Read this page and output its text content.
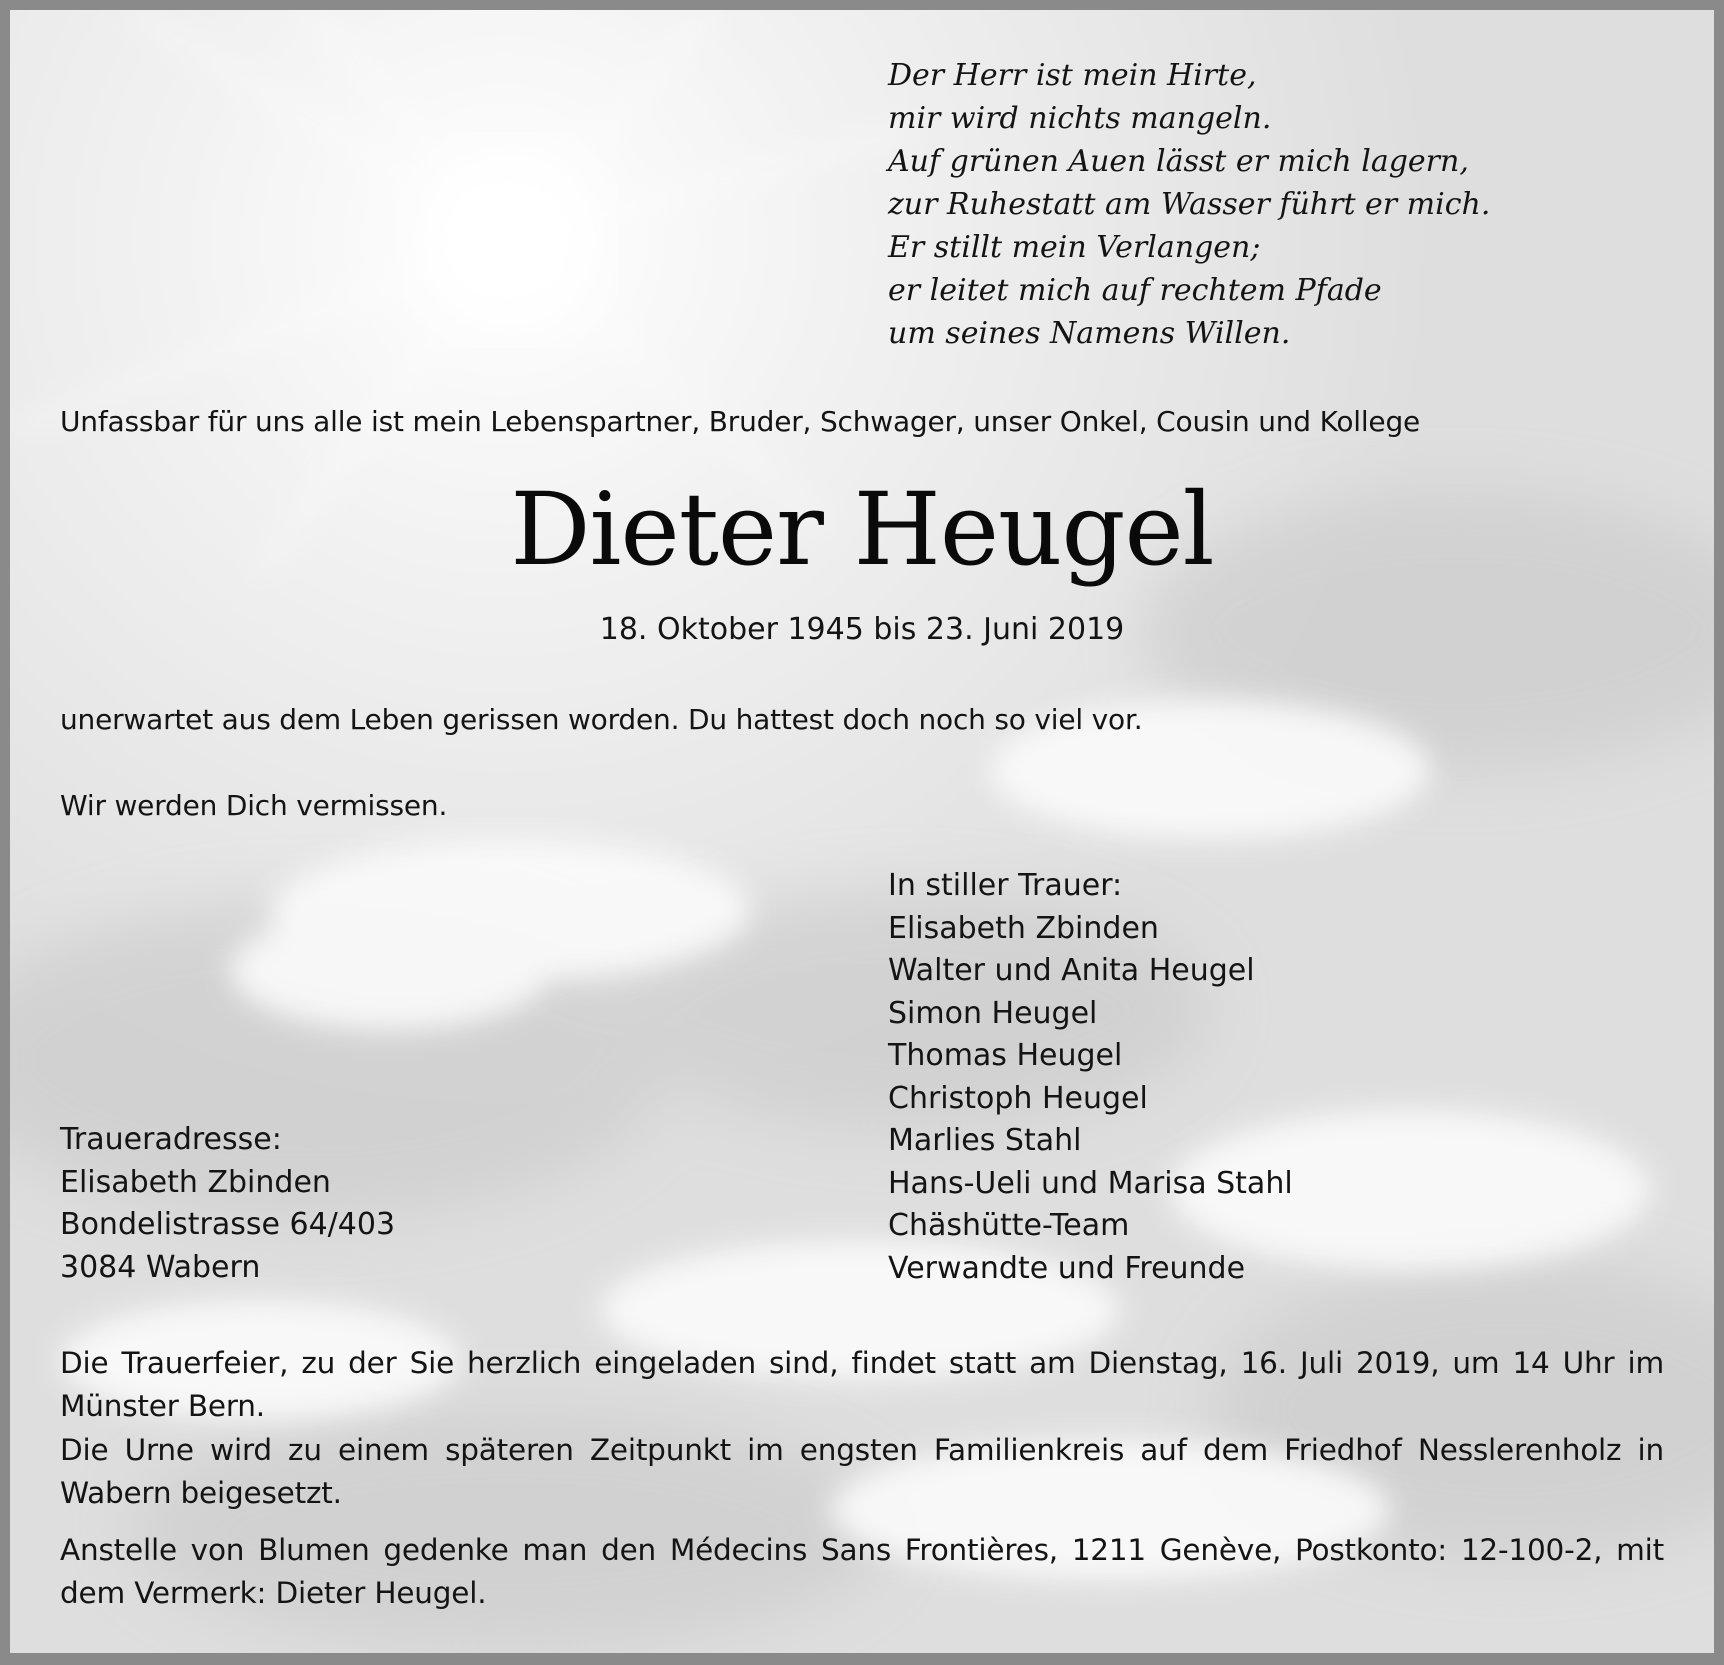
Der Herr ist mein Hirte,
mir wird nichts mangeln.
Auf grünen Auen lässt er mich lagern,
zur Ruhestatt am Wasser führt er mich.
Er stillt mein Verlangen;
er leitet mich auf rechtem Pfade
um seines Namens Willen.
Unfassbar für uns alle ist mein Lebenspartner, Bruder, Schwager, unser Onkel, Cousin und Kollege
Dieter Heugel
18. Oktober 1945 bis 23. Juni 2019
unerwartet aus dem Leben gerissen worden. Du hattest doch noch so viel vor.
Wir werden Dich vermissen.
In stiller Trauer:
Elisabeth Zbinden
Walter und Anita Heugel
Simon Heugel
Thomas Heugel
Christoph Heugel
Marlies Stahl
Hans-Ueli und Marisa Stahl
Chäshütte-Team
Verwandte und Freunde
Traueradresse:
Elisabeth Zbinden
Bondelistrasse 64/403
3084 Wabern
Die Trauerfeier, zu der Sie herzlich eingeladen sind, findet statt am Dienstag, 16. Juli 2019, um 14 Uhr im Münster Bern.
Die Urne wird zu einem späteren Zeitpunkt im engsten Familienkreis auf dem Friedhof Nesslerenholz in Wabern beigesetzt.
Anstelle von Blumen gedenke man den Médecins Sans Frontières, 1211 Genève, Postkonto: 12-100-2, mit dem Vermerk: Dieter Heugel.
